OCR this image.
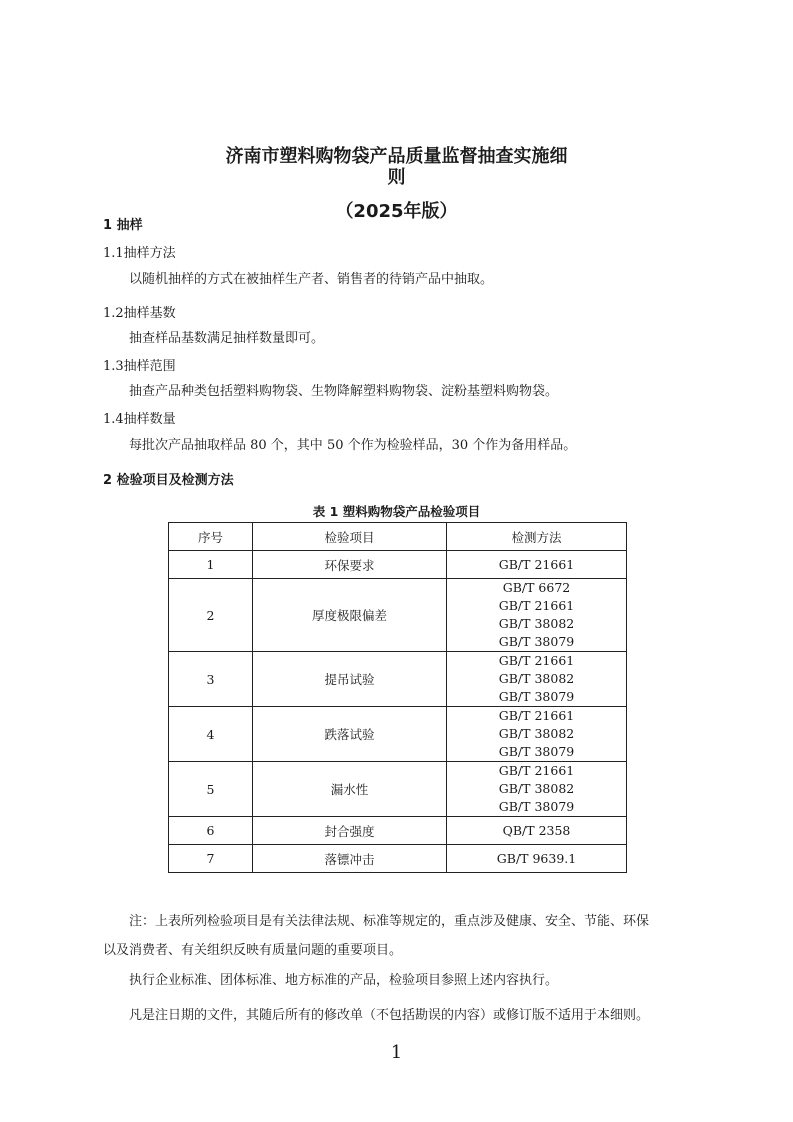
济南市塑料购物袋产品质量监督抽查实施细
则
（2025年版）
1 抽样
1.1抽样方法
以随机抽样的方式在被抽样生产者、销售者的待销产品中抽取。
1.2抽样基数
抽查样品基数满足抽样数量即可。
1.3抽样范围
抽查产品种类包括塑料购物袋、生物降解塑料购物袋、淀粉基塑料购物袋。
1.4抽样数量
每批次产品抽取样品 80 个，其中 50 个作为检验样品，30 个作为备用样品。
2 检验项目及检测方法
表 1 塑料购物袋产品检验项目
序号	检验项目	检测方法
1	环保要求	GB/T 21661

2	厚度极限偏差	GB/T 6672
GB/T 21661
GB/T 38082
GB/T 38079

3	提吊试验	GB/T 21661
GB/T 38082
GB/T 38079

4	跌落试验	GB/T 21661
GB/T 38082
GB/T 38079

5	漏水性	GB/T 21661
GB/T 38082
GB/T 38079

6	封合强度	QB/T 2358

7	落镖冲击	GB/T 9639.1
注：上表所列检验项目是有关法律法规、标准等规定的，重点涉及健康、安全、节能、环保
以及消费者、有关组织反映有质量问题的重要项目。
执行企业标准、团体标准、地方标准的产品，检验项目参照上述内容执行。
凡是注日期的文件，其随后所有的修改单（不包括勘误的内容）或修订版不适用于本细则。
1
